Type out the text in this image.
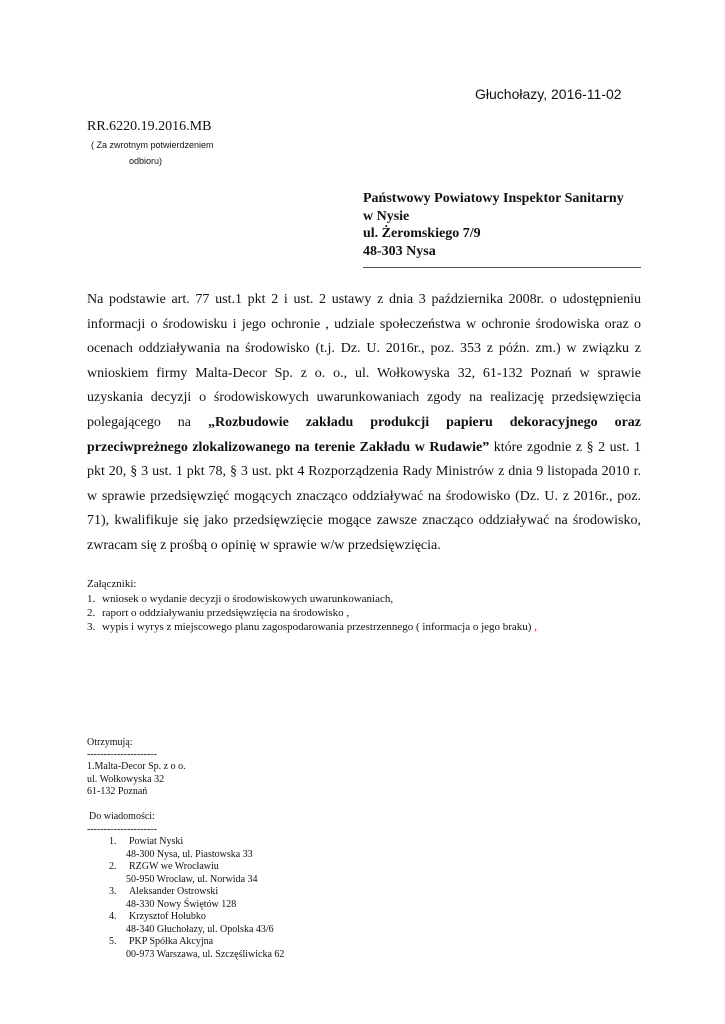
Głuchołazy, 2016-11-02
RR.6220.19.2016.MB
( Za zwrotnym potwierdzeniem
odbioru)
Państwowy Powiatowy Inspektor Sanitarny
w Nysie
ul. Żeromskiego 7/9
48-303 Nysa

Na podstawie art. 77 ust.1 pkt 2 i ust. 2 ustawy z dnia 3 października 2008r. o udostępnieniu informacji o środowisku i jego ochronie , udziale społeczeństwa w ochronie środowiska oraz o ocenach oddziaływania na środowisko (t.j. Dz. U. 2016r., poz. 353 z późn. zm.) w związku z wnioskiem firmy Malta-Decor Sp. z o. o., ul. Wołkowyska 32, 61-132 Poznań w sprawie uzyskania decyzji o środowiskowych uwarunkowaniach zgody na realizację przedsięwzięcia polegającego na „Rozbudowie zakładu produkcji papieru dekoracyjnego oraz przeciwpreżnego zlokalizowanego na terenie Zakładu w Rudawie” które zgodnie z § 2 ust. 1 pkt 20, § 3 ust. 1 pkt 78, § 3 ust. pkt 4 Rozporządzenia Rady Ministrów z dnia 9 listopada 2010 r. w sprawie przedsięwzięć mogących znacząco oddziaływać na środowisko (Dz. U. z 2016r., poz. 71), kwalifikuje się jako przedsięwzięcie mogące zawsze znacząco oddziaływać na środowisko, zwracam się z prośbą o opinię w sprawie w/w przedsięwzięcia.

Załączniki:
1. wniosek o wydanie decyzji o środowiskowych uwarunkowaniach,
2. raport o oddziaływaniu przedsięwzięcia na środowisko ,
3. wypis i wyrys z miejscowego planu zagospodarowania przestrzennego ( informacja o jego braku) ,
Otrzymują:
---------------------
1.Malta-Decor Sp. z o o.
ul. Wołkowyska 32
61-132 Poznań
Do wiadomości:
---------------------
1. Powiat Nyski
48-300 Nysa, ul. Piastowska 33
2. RZGW we Wrocławiu
50-950 Wrocław, ul. Norwida 34
3. Aleksander Ostrowski
48-330 Nowy Świętów 128
4. Krzysztof Hołubko
48-340 Głuchołazy, ul. Opolska 43/6
5. PKP Spółka Akcyjna
00-973 Warszawa, ul. Szczęśliwicka 62
